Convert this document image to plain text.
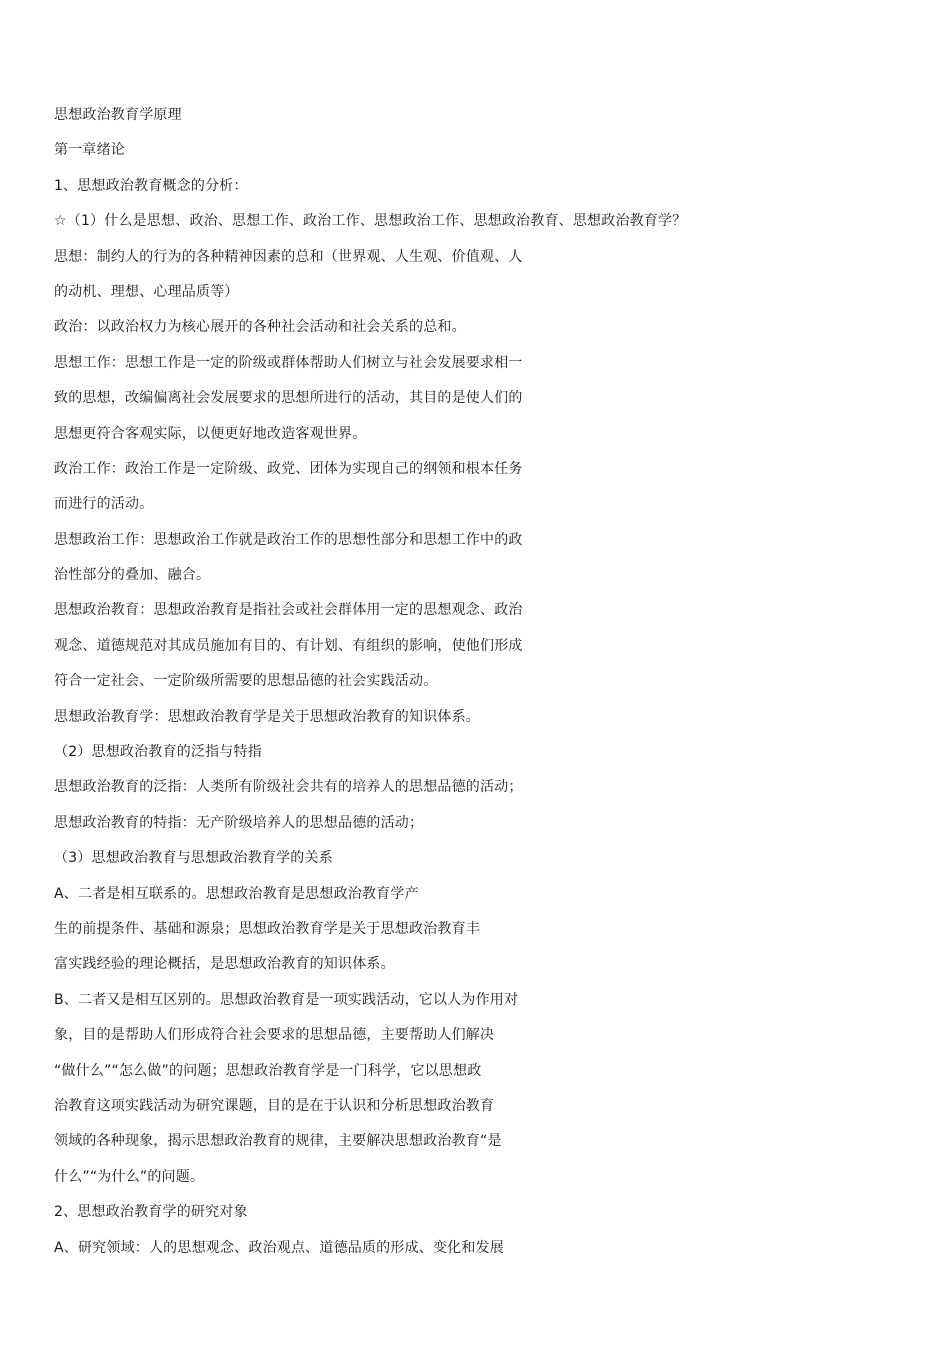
思想政治教育学原理
第一章绪论
1、思想政治教育概念的分析：
☆（1）什么是思想、政治、思想工作、政治工作、思想政治工作、思想政治教育、思想政治教育学？
思想：制约人的行为的各种精神因素的总和（世界观、人生观、价值观、人
的动机、理想、心理品质等）
政治：以政治权力为核心展开的各种社会活动和社会关系的总和。
思想工作：思想工作是一定的阶级或群体帮助人们树立与社会发展要求相一
致的思想，改编偏离社会发展要求的思想所进行的活动，其目的是使人们的
思想更符合客观实际，以便更好地改造客观世界。
政治工作：政治工作是一定阶级、政党、团体为实现自己的纲领和根本任务
而进行的活动。
思想政治工作：思想政治工作就是政治工作的思想性部分和思想工作中的政
治性部分的叠加、融合。
思想政治教育：思想政治教育是指社会或社会群体用一定的思想观念、政治
观念、道德规范对其成员施加有目的、有计划、有组织的影响，使他们形成
符合一定社会、一定阶级所需要的思想品德的社会实践活动。
思想政治教育学：思想政治教育学是关于思想政治教育的知识体系。
（2）思想政治教育的泛指与特指
思想政治教育的泛指：人类所有阶级社会共有的培养人的思想品德的活动；
思想政治教育的特指：无产阶级培养人的思想品德的活动；
（3）思想政治教育与思想政治教育学的关系
A、二者是相互联系的。思想政治教育是思想政治教育学产
生的前提条件、基础和源泉；思想政治教育学是关于思想政治教育丰
富实践经验的理论概括，是思想政治教育的知识体系。
B、二者又是相互区别的。思想政治教育是一项实践活动，它以人为作用对
象，目的是帮助人们形成符合社会要求的思想品德，主要帮助人们解决
“做什么”“怎么做”的问题；思想政治教育学是一门科学，它以思想政
治教育这项实践活动为研究课题，目的是在于认识和分析思想政治教育
领域的各种现象，揭示思想政治教育的规律，主要解决思想政治教育“是
什么”“为什么”的问题。
2、思想政治教育学的研究对象
A、研究领域：人的思想观念、政治观点、道德品质的形成、变化和发展
